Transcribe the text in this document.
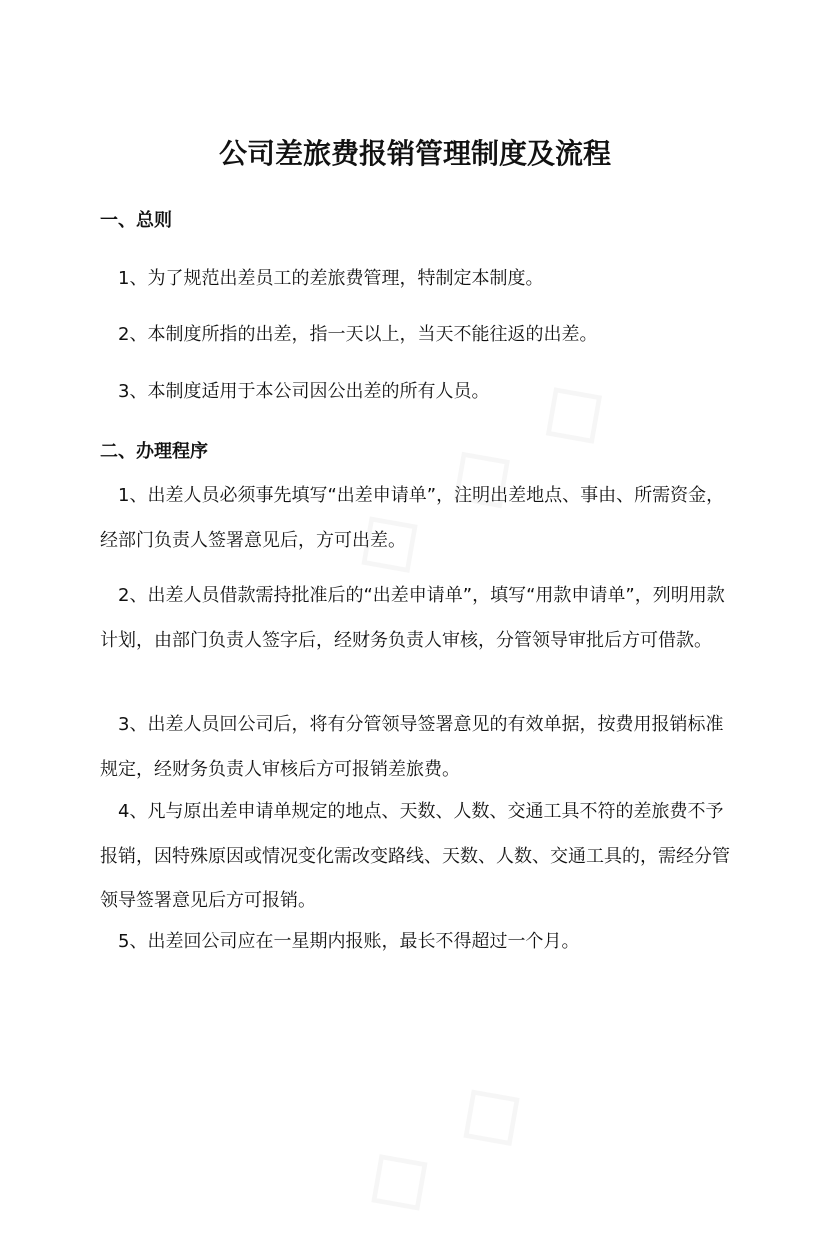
公司差旅费报销管理制度及流程
一、总则

1、为了规范出差员工的差旅费管理，特制定本制度。

2、本制度所指的出差，指一天以上，当天不能往返的出差。

3、本制度适用于本公司因公出差的所有人员。

二、办理程序

1、出差人员必须事先填写“出差申请单”，注明出差地点、事由、所需资金，经部门负责人签署意见后，方可出差。

2、出差人员借款需持批准后的“出差申请单”，填写“用款申请单”，列明用款计划，由部门负责人签字后，经财务负责人审核，分管领导审批后方可借款。

3、出差人员回公司后，将有分管领导签署意见的有效单据，按费用报销标准规定，经财务负责人审核后方可报销差旅费。

4、凡与原出差申请单规定的地点、天数、人数、交通工具不符的差旅费不予报销，因特殊原因或情况变化需改变路线、天数、人数、交通工具的，需经分管领导签署意见后方可报销。

5、出差回公司应在一星期内报账，最长不得超过一个月。
